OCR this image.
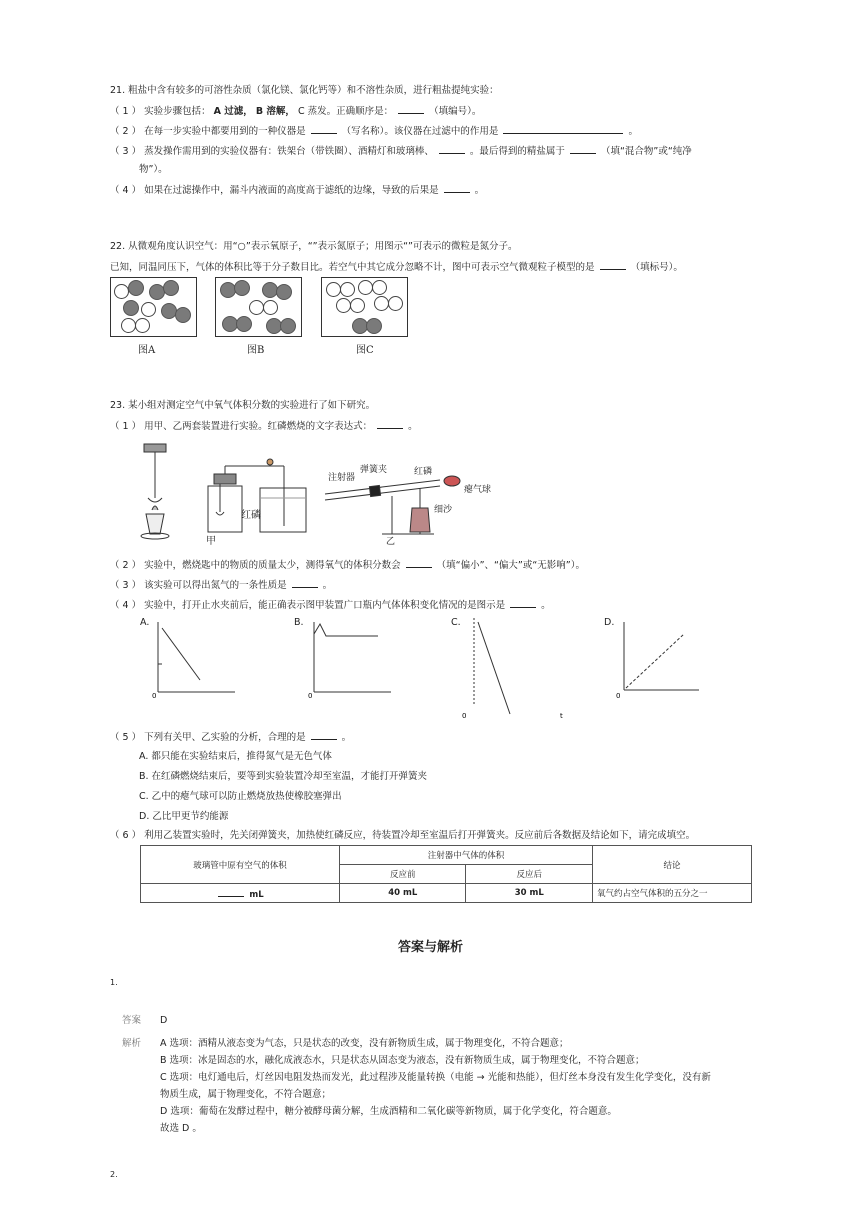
21. 粗盐中含有较多的可溶性杂质（氯化镁、氯化钙等）和不溶性杂质，进行粗盐提纯实验：
（ 1 ） 实验步骤包括： A 过滤， B 溶解， C 蒸发。正确顺序是：	（填编号）。
（ 2 ） 在每一步实验中都要用到的一种仪器是	（写名称）。该仪器在过滤中的作用是	。
（ 3 ） 蒸发操作需用到的实验仪器有：铁架台（带铁圈）、酒精灯和玻璃棒、	。最后得到的精盐属于	（填“混合物”或“纯净
物”）。
（ 4 ） 如果在过滤操作中，漏斗内液面的高度高于滤纸的边缘，导致的后果是	。
22. 从微观角度认识空气：用“○”表示氧原子，“”表示氮原子；用图示“”可表示的微粒是氮分子。
已知，同温同压下，气体的体积比等于分子数目比。若空气中其它成分忽略不计，图中可表示空气微观粒子模型的是	（填标号）。
图A	图B	图C
23. 某小组对测定空气中氧气体积分数的实验进行了如下研究。
（ 1 ） 用甲、乙两套装置进行实验。红磷燃烧的文字表达式：	。
红磷
甲
注射器
弹簧夹	红磷
瘪气球
细沙
乙
（ 2 ） 实验中，燃烧匙中的物质的质量太少，测得氧气的体积分数会	（填“偏小”、“偏大”或“无影响”）。
（ 3 ） 该实验可以得出氮气的一条性质是	。
（ 4 ） 实验中，打开止水夹前后，能正确表示图甲装置广口瓶内气体体积变化情况的是图示是	。
A.
0
B.
0
C.
0	t
D.
0
（ 5 ） 下列有关甲、乙实验的分析，合理的是	。
A. 都只能在实验结束后，推得氮气是无色气体
B. 在红磷燃烧结束后，要等到实验装置冷却至室温，才能打开弹簧夹
C. 乙中的瘪气球可以防止燃烧放热使橡胶塞弹出
D. 乙比甲更节约能源
（ 6 ） 利用乙装置实验时，先关闭弹簧夹，加热使红磷反应，待装置冷却至室温后打开弹簧夹。反应前后各数据及结论如下，请完成填空。
玻璃管中原有空气的体积	注射器中气体的体积		结论
	反应前	反应后	
mL	40 mL	30 mL	氧气约占空气体积的五分之一
答案与解析
1.
答案 D
解析 A 选项：酒精从液态变为气态，只是状态的改变，没有新物质生成，属于物理变化，不符合题意；
B 选项：冰是固态的水，融化成液态水，只是状态从固态变为液态，没有新物质生成，属于物理变化，不符合题意；
C 选项：电灯通电后，灯丝因电阻发热而发光，此过程涉及能量转换（电能 → 光能和热能），但灯丝本身没有发生化学变化，没有新
物质生成，属于物理变化，不符合题意；
D 选项：葡萄在发酵过程中，糖分被酵母菌分解，生成酒精和二氧化碳等新物质，属于化学变化，符合题意。
故选 D 。
2.
